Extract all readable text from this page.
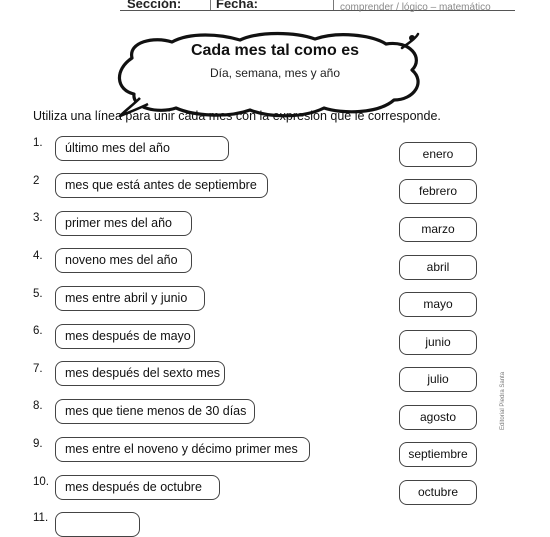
Sección:	Fecha:	comprender / lógico – matemático
Cada mes tal como es
Día, semana, mes y año
Utiliza una línea para unir cada mes con la expresión que le corresponde.
1.
2
3.
4.
5.
6.
7.
8.
9.
10.
11.
último mes del año
mes que está antes de septiembre
primer mes del año
noveno mes del año
mes entre abril y junio
mes después de mayo
mes después del sexto mes
mes que tiene menos de 30 días
mes entre el noveno y décimo primer mes
mes después de octubre
enero
febrero
marzo
abril
mayo
junio
julio
agosto
septiembre
octubre
Editorial Piedra Santa
